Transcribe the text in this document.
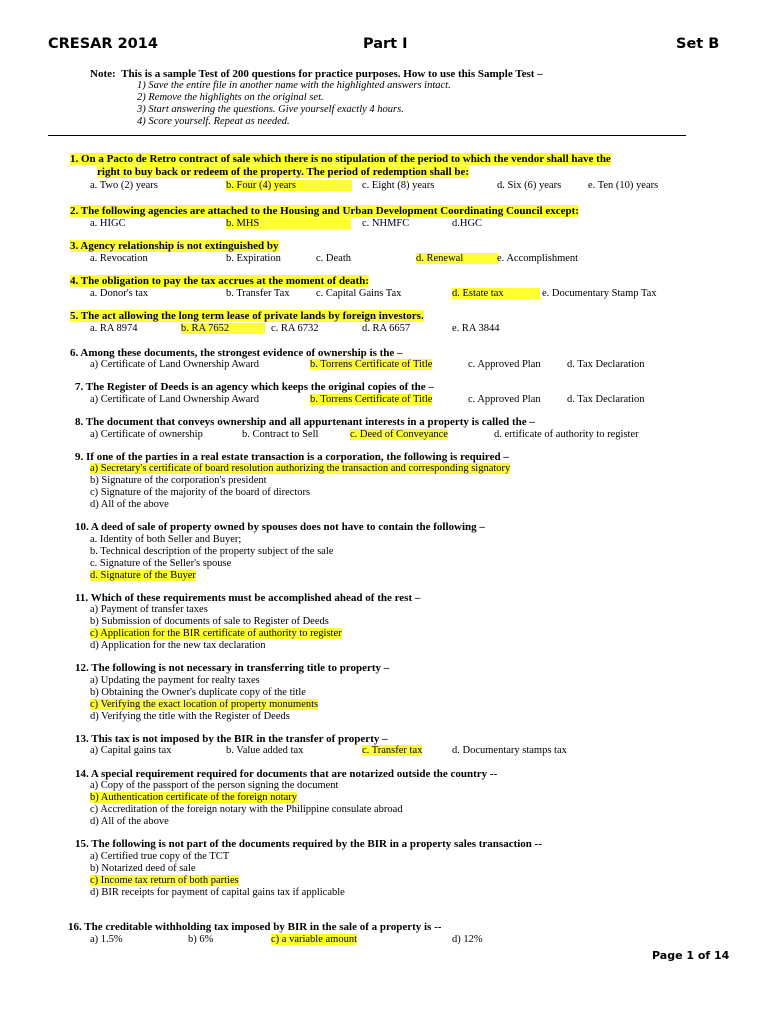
CRESAR 2014	Part I	Set B
Note: This is a sample Test of 200 questions for practice purposes. How to use this Sample Test –
1) Save the entire file in another name with the highlighted answers intact.
2) Remove the highlights on the original set.
3) Start answering the questions. Give yourself exactly 4 hours.
4) Score yourself. Repeat as needed.
1. On a Pacto de Retro contract of sale which there is no stipulation of the period to which the vendor shall have the
right to buy back or redeem of the property. The period of redemption shall be:
a. Two (2) years	b. Four (4) years	c. Eight (8) years	d. Six (6) years	e. Ten (10) years
2. The following agencies are attached to the Housing and Urban Development Coordinating Council except:
a. HIGC	b. MHS	c. NHMFC	d.HGC
3. Agency relationship is not extinguished by
a. Revocation	b. Expiration	c. Death	d. Renewal	e. Accomplishment
4. The obligation to pay the tax accrues at the moment of death:
a. Donor's tax	b. Transfer Tax	c. Capital Gains Tax	d. Estate tax	e. Documentary Stamp Tax
5. The act allowing the long term lease of private lands by foreign investors.
a. RA 8974	b. RA 7652	c. RA 6732	d. RA 6657	e. RA 3844
6. Among these documents, the strongest evidence of ownership is the –
a) Certificate of Land Ownership Award	b. Torrens Certificate of Title	c. Approved Plan	d. Tax Declaration
7. The Register of Deeds is an agency which keeps the original copies of the –
a) Certificate of Land Ownership Award	b. Torrens Certificate of Title	c. Approved Plan	d. Tax Declaration
8. The document that conveys ownership and all appurtenant interests in a property is called the –
a) Certificate of ownership	b. Contract to Sell	c. Deed of Conveyance	d. ertificate of authority to register
9. If one of the parties in a real estate transaction is a corporation, the following is required –
a) Secretary's certificate of board resolution authorizing the transaction and corresponding signatory
b) Signature of the corporation's president
c) Signature of the majority of the board of directors
d) All of the above
10. A deed of sale of property owned by spouses does not have to contain the following –
a. Identity of both Seller and Buyer;
b. Technical description of the property subject of the sale
c. Signature of the Seller's spouse
d. Signature of the Buyer
11. Which of these requirements must be accomplished ahead of the rest –
a) Payment of transfer taxes
b) Submission of documents of sale to Register of Deeds
c) Application for the BIR certificate of authority to register
d) Application for the new tax declaration
12. The following is not necessary in transferring title to property –
a) Updating the payment for realty taxes
b) Obtaining the Owner's duplicate copy of the title
c) Verifying the exact location of property monuments
d) Verifying the title with the Register of Deeds
13. This tax is not imposed by the BIR in the transfer of property –
a) Capital gains tax	b. Value added tax	c. Transfer tax	d. Documentary stamps tax
14. A special requirement required for documents that are notarized outside the country --
a) Copy of the passport of the person signing the document
b) Authentication certificate of the foreign notary
c) Accreditation of the foreign notary with the Philippine consulate abroad
d) All of the above
15. The following is not part of the documents required by the BIR in a property sales transaction --
a) Certified true copy of the TCT
b) Notarized deed of sale
c) Income tax return of both parties
d) BIR receipts for payment of capital gains tax if applicable
16. The creditable withholding tax imposed by BIR in the sale of a property is --
a) 1.5%	b) 6%	c) a variable amount	d) 12%
Page 1 of 14
